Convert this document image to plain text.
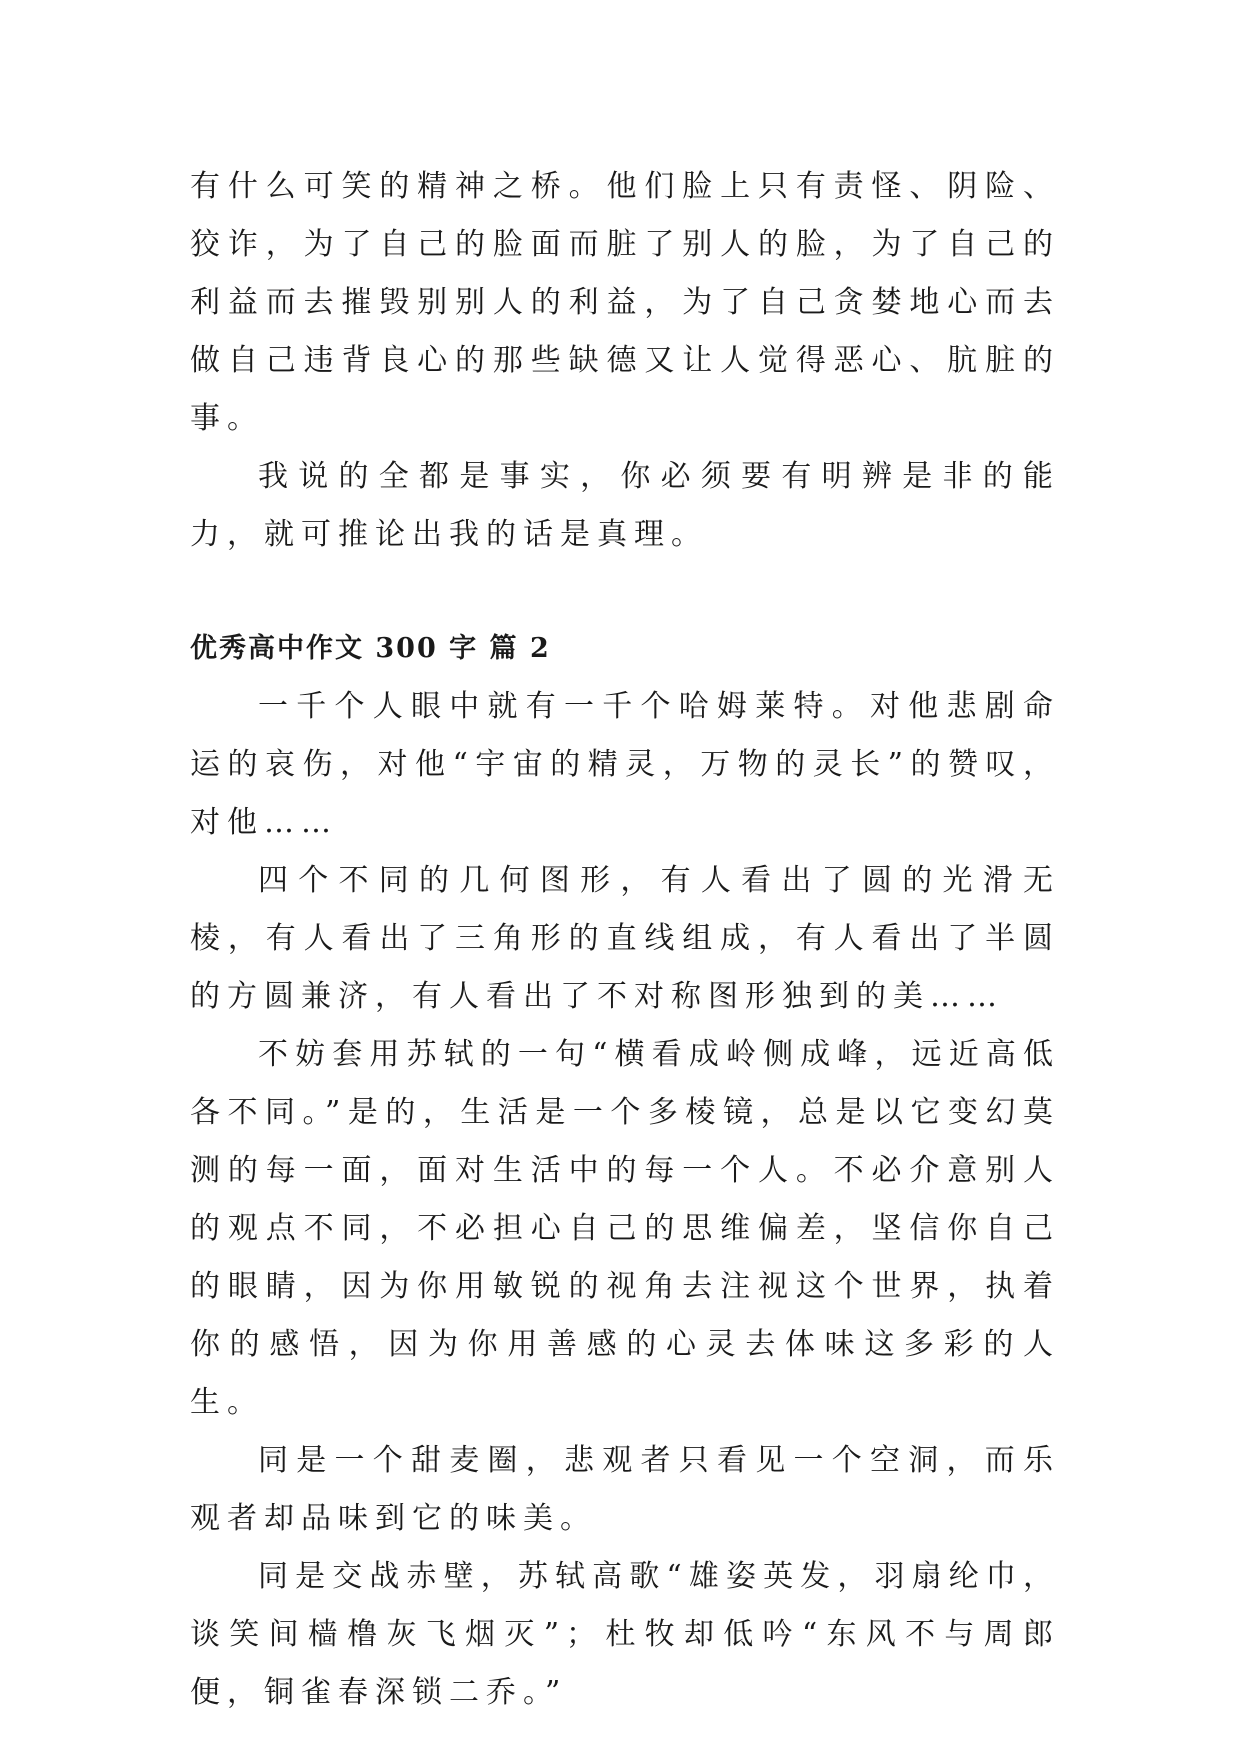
有什么可笑的精神之桥。他们脸上只有责怪、阴险、狡诈，为了自己的脸面而脏了别人的脸，为了自己的利益而去摧毁别别人的利益，为了自己贪婪地心而去做自己违背良心的那些缺德又让人觉得恶心、肮脏的事。

我说的全都是事实，你必须要有明辨是非的能力，就可推论出我的话是真理。

优秀高中作文 300 字 篇 2

一千个人眼中就有一千个哈姆莱特。对他悲剧命运的哀伤，对他“宇宙的精灵，万物的灵长”的赞叹，对他……

四个不同的几何图形，有人看出了圆的光滑无棱，有人看出了三角形的直线组成，有人看出了半圆的方圆兼济，有人看出了不对称图形独到的美……

不妨套用苏轼的一句“横看成岭侧成峰，远近高低各不同。”是的，生活是一个多棱镜，总是以它变幻莫测的每一面，面对生活中的每一个人。不必介意别人的观点不同，不必担心自己的思维偏差，坚信你自己的眼睛，因为你用敏锐的视角去注视这个世界，执着你的感悟，因为你用善感的心灵去体味这多彩的人生。

同是一个甜麦圈，悲观者只看见一个空洞，而乐观者却品味到它的味美。

同是交战赤壁，苏轼高歌“雄姿英发，羽扇纶巾，谈笑间樯橹灰飞烟灭”；杜牧却低吟“东风不与周郎便，铜雀春深锁二乔。”
